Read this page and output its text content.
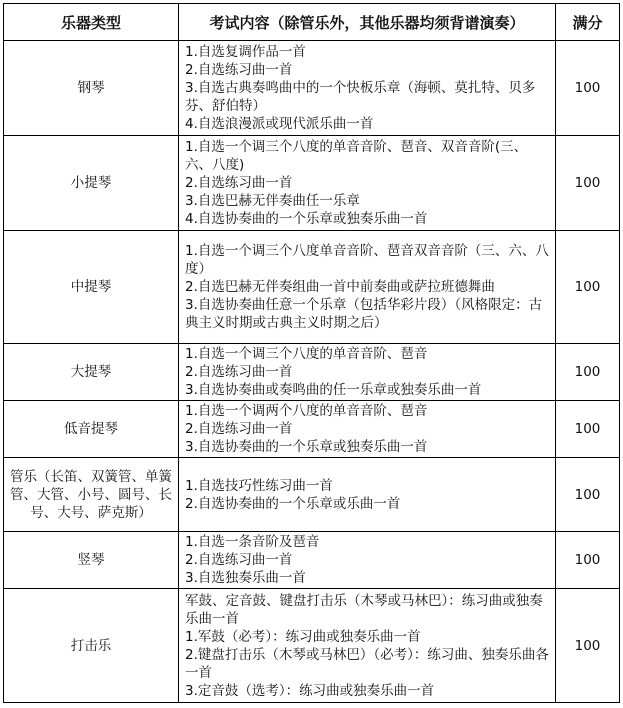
乐器类型	考试内容（除管乐外，其他乐器均须背谱演奏）	满分
钢琴	1.自选复调作品一首
2.自选练习曲一首
3.自选古典奏鸣曲中的一个快板乐章（海顿、莫扎特、贝多芬、舒伯特）
4.自选浪漫派或现代派乐曲一首	100
小提琴	1.自选一个调三个八度的单音音阶、琶音、双音音阶(三、六、八度)
2.自选练习曲一首
3.自选巴赫无伴奏曲任一乐章
4.自选协奏曲的一个乐章或独奏乐曲一首	100
中提琴	1.自选一个调三个八度单音音阶、琶音双音音阶（三、六、八度）
2.自选巴赫无伴奏组曲一首中前奏曲或萨拉班德舞曲
3.自选协奏曲任意一个乐章（包括华彩片段）（风格限定：古典主义时期或古典主义时期之后）	100
大提琴	1.自选一个调三个八度的单音音阶、琶音
2.自选练习曲一首
3.自选协奏曲或奏鸣曲的任一乐章或独奏乐曲一首	100
低音提琴	1.自选一个调两个八度的单音音阶、琶音
2.自选练习曲一首
3.自选协奏曲的一个乐章或独奏乐曲一首	100
管乐（长笛、双簧管、单簧管、大管、小号、圆号、长号、大号、萨克斯）	1.自选技巧性练习曲一首
2.自选协奏曲的一个乐章或乐曲一首	100
竖琴	1.自选一条音阶及琶音
2.自选练习曲一首
3.自选独奏乐曲一首	100
打击乐	军鼓、定音鼓、键盘打击乐（木琴或马林巴）：练习曲或独奏乐曲一首
1.军鼓（必考）：练习曲或独奏乐曲一首
2.键盘打击乐（木琴或马林巴）（必考）：练习曲、独奏乐曲各一首
3.定音鼓（选考）：练习曲或独奏乐曲一首	100
